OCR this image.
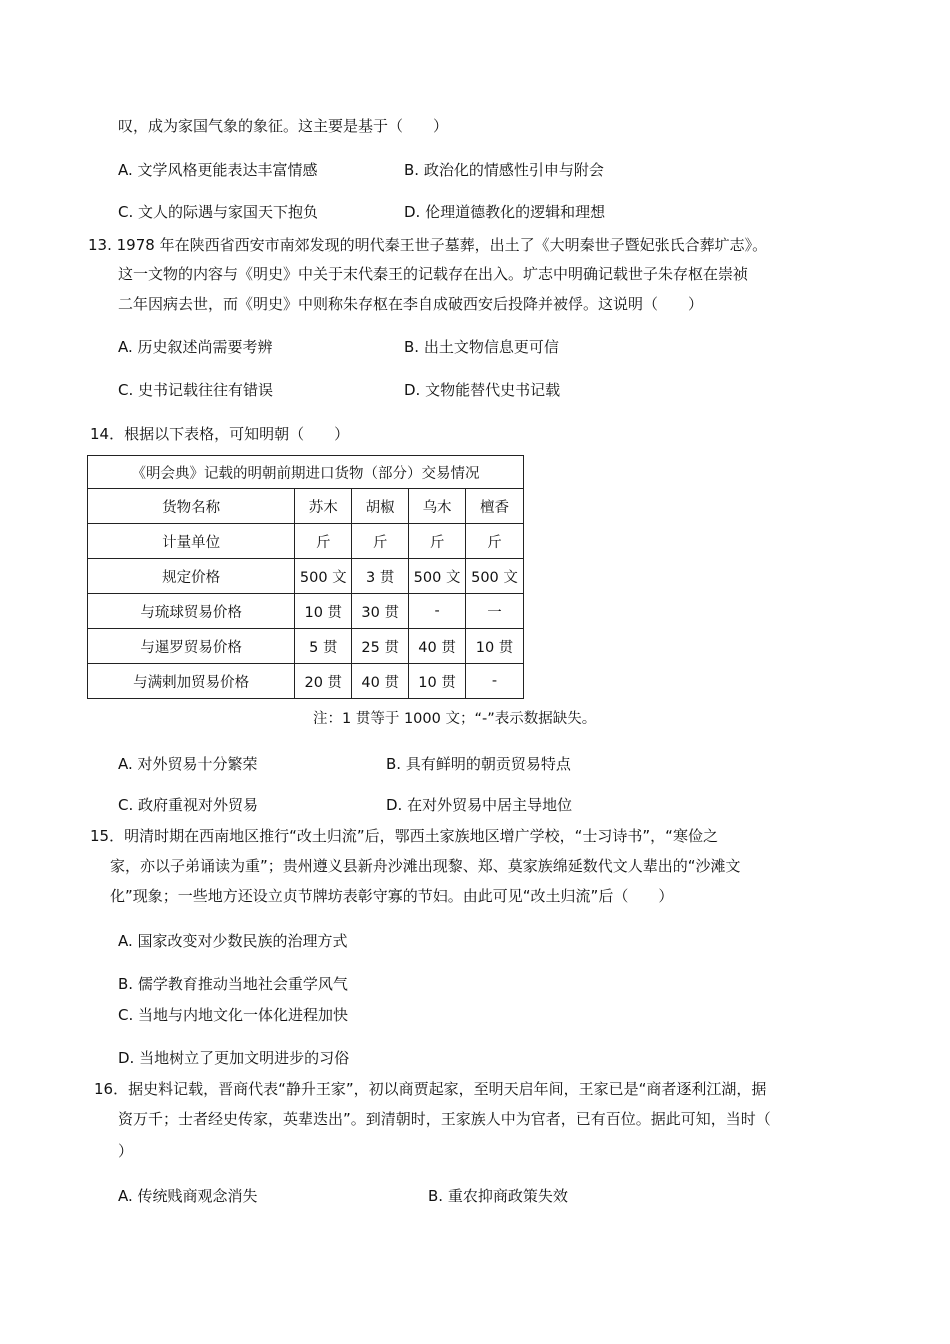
叹，成为家国气象的象征。这主要是基于（　　）
A. 文学风格更能表达丰富情感	B. 政治化的情感性引申与附会
C. 文人的际遇与家国天下抱负	D. 伦理道德教化的逻辑和理想
13. 1978 年在陕西省西安市南郊发现的明代秦王世子墓葬，出土了《大明秦世子暨妃张氏合葬圹志》。
这一文物的内容与《明史》中关于末代秦王的记载存在出入。圹志中明确记载世子朱存枢在崇祯
二年因病去世，而《明史》中则称朱存枢在李自成破西安后投降并被俘。这说明（　　）
A. 历史叙述尚需要考辨	B. 出土文物信息更可信
C. 史书记载往往有错误	D. 文物能替代史书记载
14．根据以下表格，可知明朝（　　）
《明会典》记载的明朝前期进口货物（部分）交易情况				
货物名称	苏木	胡椒	乌木	檀香
计量单位	斤	斤	斤	斤
规定价格	500 文	3 贯	500 文	500 文
与琉球贸易价格	10 贯	30 贯	-	一
与暹罗贸易价格	5 贯	25 贯	40 贯	10 贯
与满剌加贸易价格	20 贯	40 贯	10 贯	-
注：1 贯等于 1000 文；“-”表示数据缺失。
A. 对外贸易十分繁荣	B. 具有鲜明的朝贡贸易特点
C. 政府重视对外贸易	D. 在对外贸易中居主导地位
15．明清时期在西南地区推行“改土归流”后，鄂西土家族地区增广学校，“士习诗书”，“寒俭之
家，亦以子弟诵读为重”；贵州遵义县新舟沙滩出现黎、郑、莫家族绵延数代文人辈出的“沙滩文
化”现象；一些地方还设立贞节牌坊表彰守寡的节妇。由此可见“改土归流”后（　　）
A. 国家改变对少数民族的治理方式
B. 儒学教育推动当地社会重学风气
C. 当地与内地文化一体化进程加快
D. 当地树立了更加文明进步的习俗
16．据史料记载，晋商代表“静升王家”，初以商贾起家，至明天启年间，王家已是“商者逐利江湖，据
资万千；士者经史传家，英辈迭出”。到清朝时，王家族人中为官者，已有百位。据此可知，当时（
）
A. 传统贱商观念消失	B. 重农抑商政策失效
